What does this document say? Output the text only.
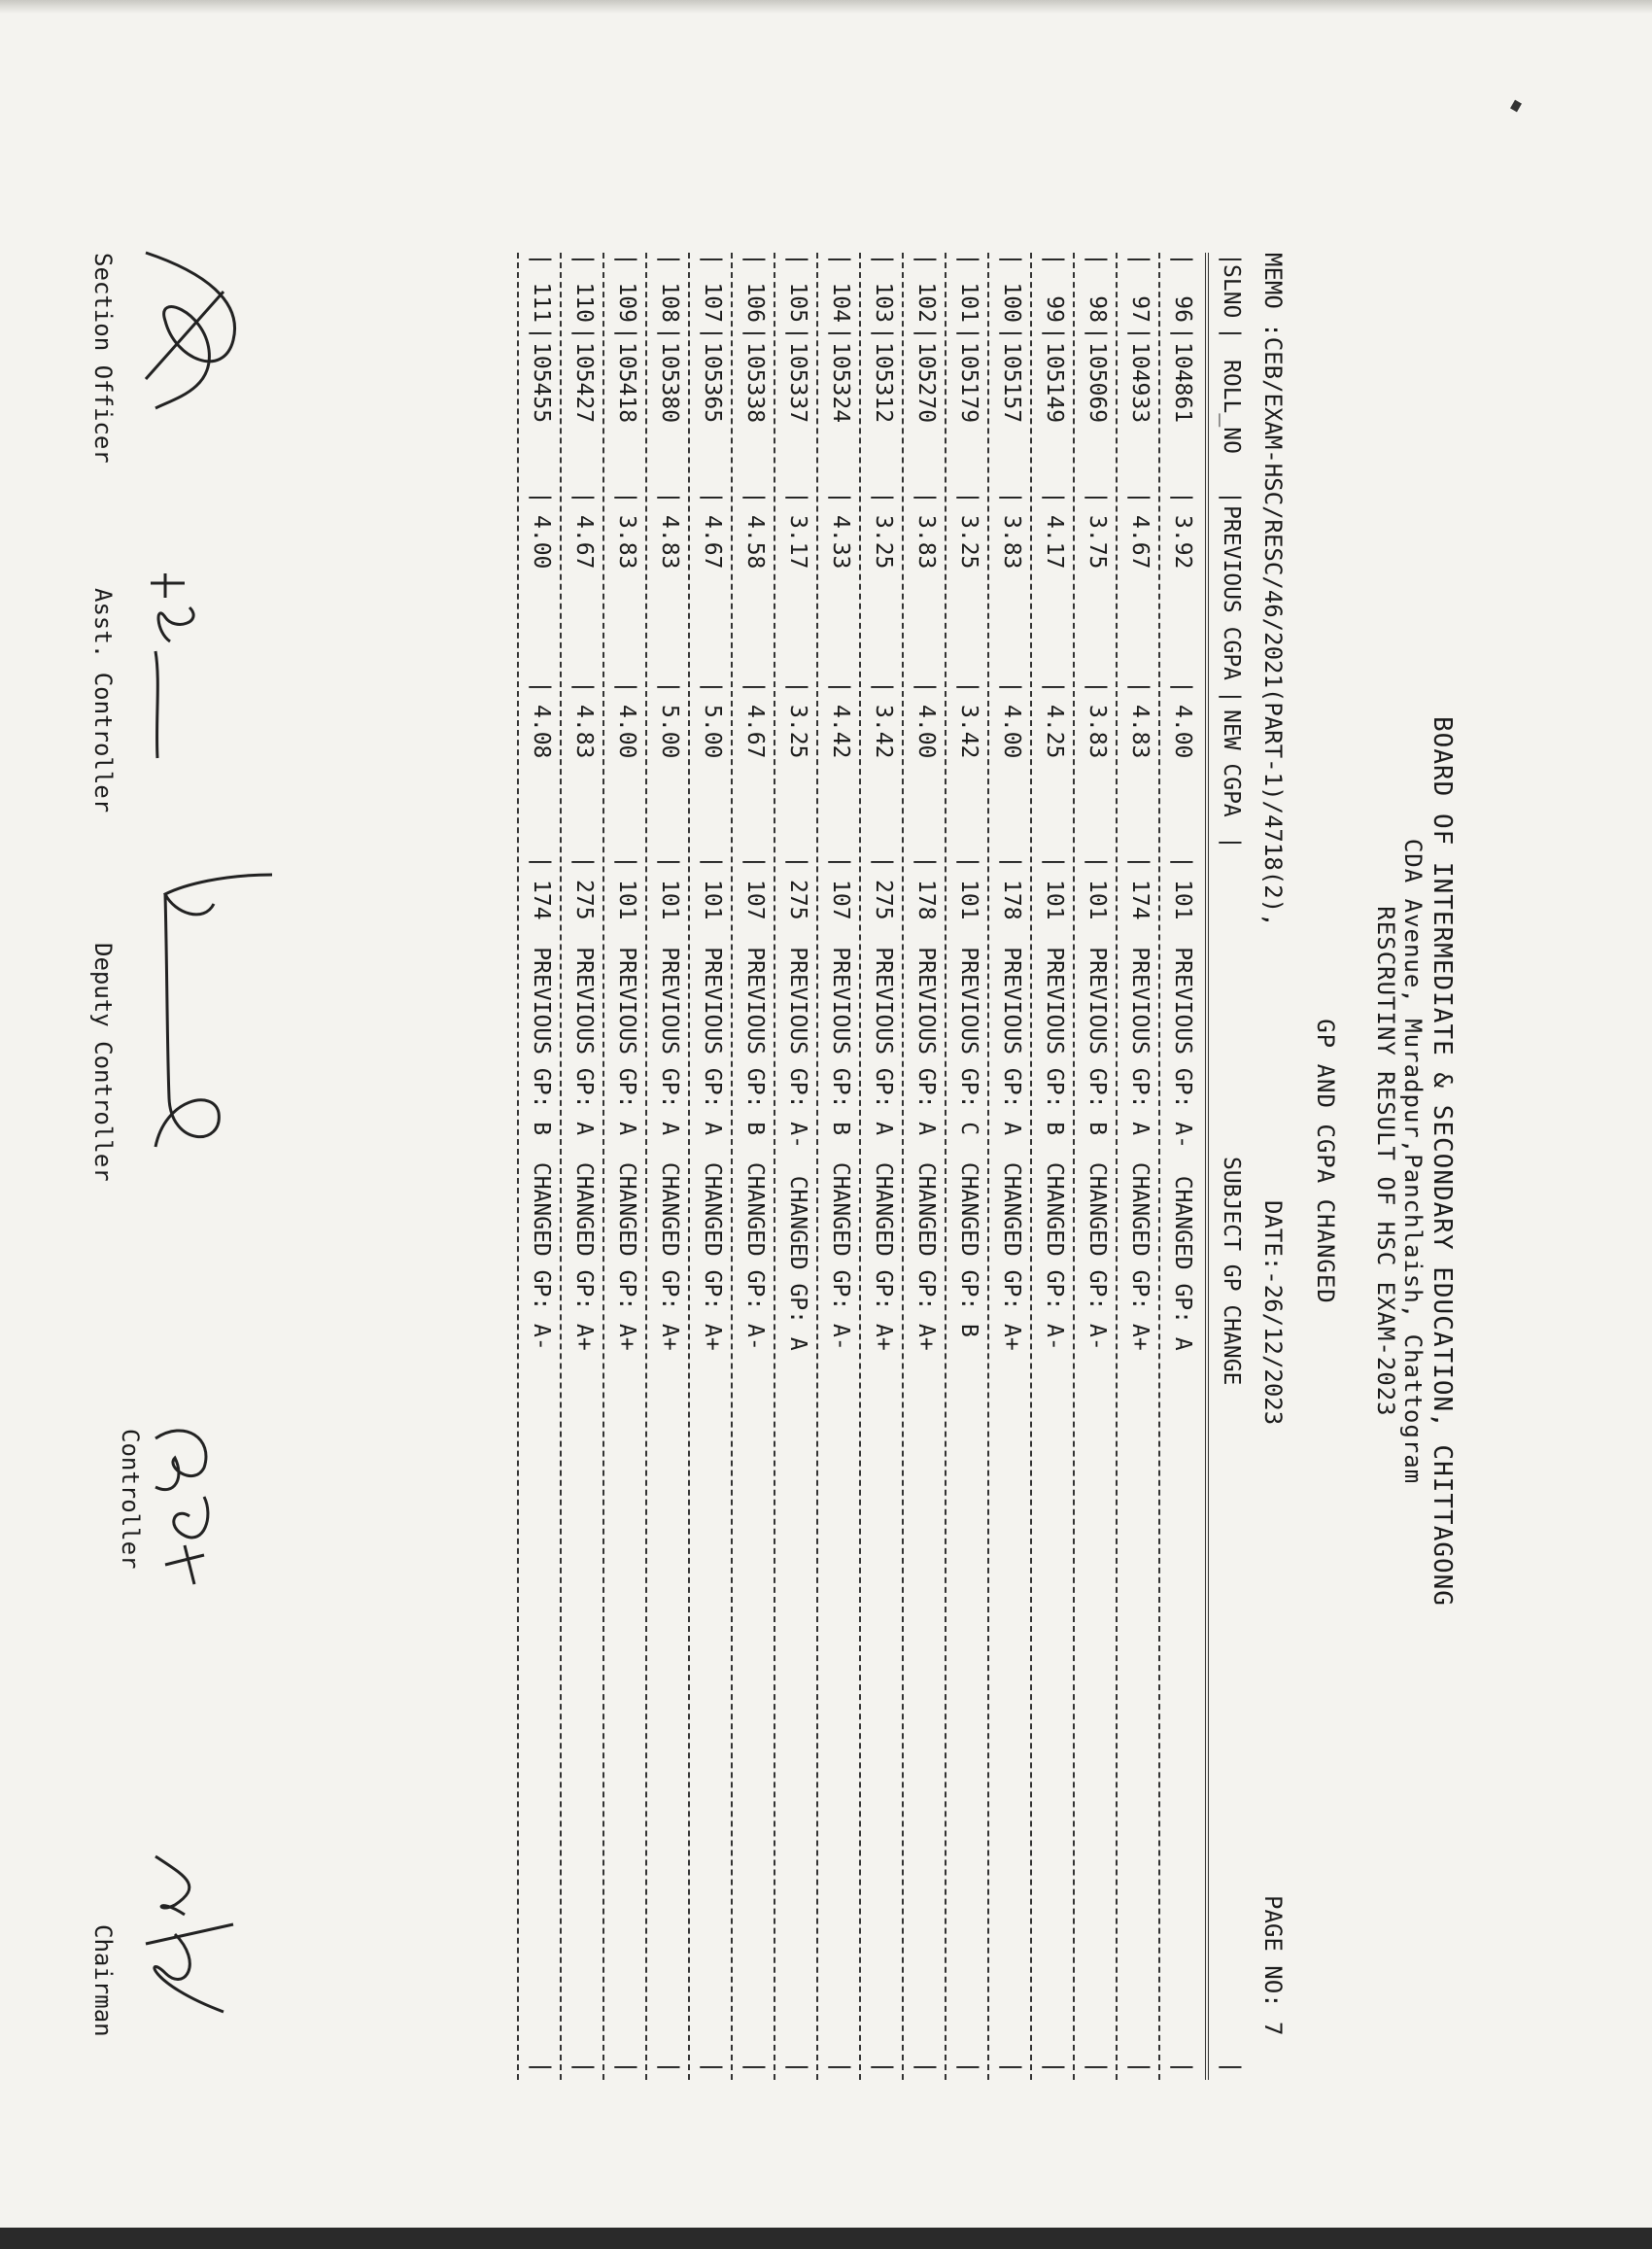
BOARD OF INTERMEDIATE & SECONDARY EDUCATION, CHITTAGONG
CDA Avenue, Muradpur,Panchlaish, Chattogram
RESCRUTINY RESULT OF HSC EXAM-2023
GP AND CGPA CHANGED
MEMO :CEB/EXAM-HSC/RESC/46/2021(PART-1)/4718(2),
DATE:-26/12/2023
PAGE NO: 7
|
SLNO
|
ROLL_NO
|
PREVIOUS CGPA
|
NEW CGPA
|
SUBJECT GP CHANGE
|
|
96
|
104861
|
3.92
|
4.00
|
|
101  PREVIOUS GP: A-  CHANGED GP: A
|
97
|
104933
|
4.67
|
4.83
|
|
174  PREVIOUS GP: A  CHANGED GP: A+
|
98
|
105069
|
3.75
|
3.83
|
|
101  PREVIOUS GP: B  CHANGED GP: A-
|
99
|
105149
|
4.17
|
4.25
|
|
101  PREVIOUS GP: B  CHANGED GP: A-
|
100
|
105157
|
3.83
|
4.00
|
|
178  PREVIOUS GP: A  CHANGED GP: A+
|
101
|
105179
|
3.25
|
3.42
|
|
101  PREVIOUS GP: C  CHANGED GP: B
|
102
|
105270
|
3.83
|
4.00
|
|
178  PREVIOUS GP: A  CHANGED GP: A+
|
103
|
105312
|
3.25
|
3.42
|
|
275  PREVIOUS GP: A  CHANGED GP: A+
|
104
|
105324
|
4.33
|
4.42
|
|
107  PREVIOUS GP: B  CHANGED GP: A-
|
105
|
105337
|
3.17
|
3.25
|
|
275  PREVIOUS GP: A-  CHANGED GP: A
|
106
|
105338
|
4.58
|
4.67
|
|
107  PREVIOUS GP: B  CHANGED GP: A-
|
107
|
105365
|
4.67
|
5.00
|
|
101  PREVIOUS GP: A  CHANGED GP: A+
|
108
|
105380
|
4.83
|
5.00
|
|
101  PREVIOUS GP: A  CHANGED GP: A+
|
109
|
105418
|
3.83
|
4.00
|
|
101  PREVIOUS GP: A  CHANGED GP: A+
|
110
|
105427
|
4.67
|
4.83
|
|
275  PREVIOUS GP: A  CHANGED GP: A+
|
111
|
105455
|
4.00
|
4.08
|
|
174  PREVIOUS GP: B  CHANGED GP: A-
Section Officer
Asst. Controller
Deputy Controller
Controller
Chairman
